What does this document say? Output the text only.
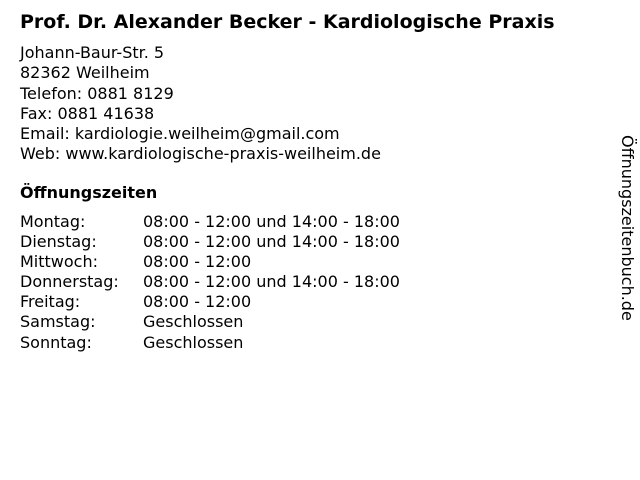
Prof. Dr. Alexander Becker - Kardiologische Praxis
Johann-Baur-Str. 5
82362 Weilheim
Telefon: 0881 8129
Fax: 0881 41638
Email: kardiologie.weilheim@gmail.com
Web: www.kardiologische-praxis-weilheim.de
Öffnungszeiten
Montag:	08:00 - 12:00 und 14:00 - 18:00
Dienstag:	08:00 - 12:00 und 14:00 - 18:00
Mittwoch:	08:00 - 12:00
Donnerstag:	08:00 - 12:00 und 14:00 - 18:00
Freitag:	08:00 - 12:00
Samstag:	Geschlossen
Sonntag:	Geschlossen
Öffnungszeitenbuch.de
